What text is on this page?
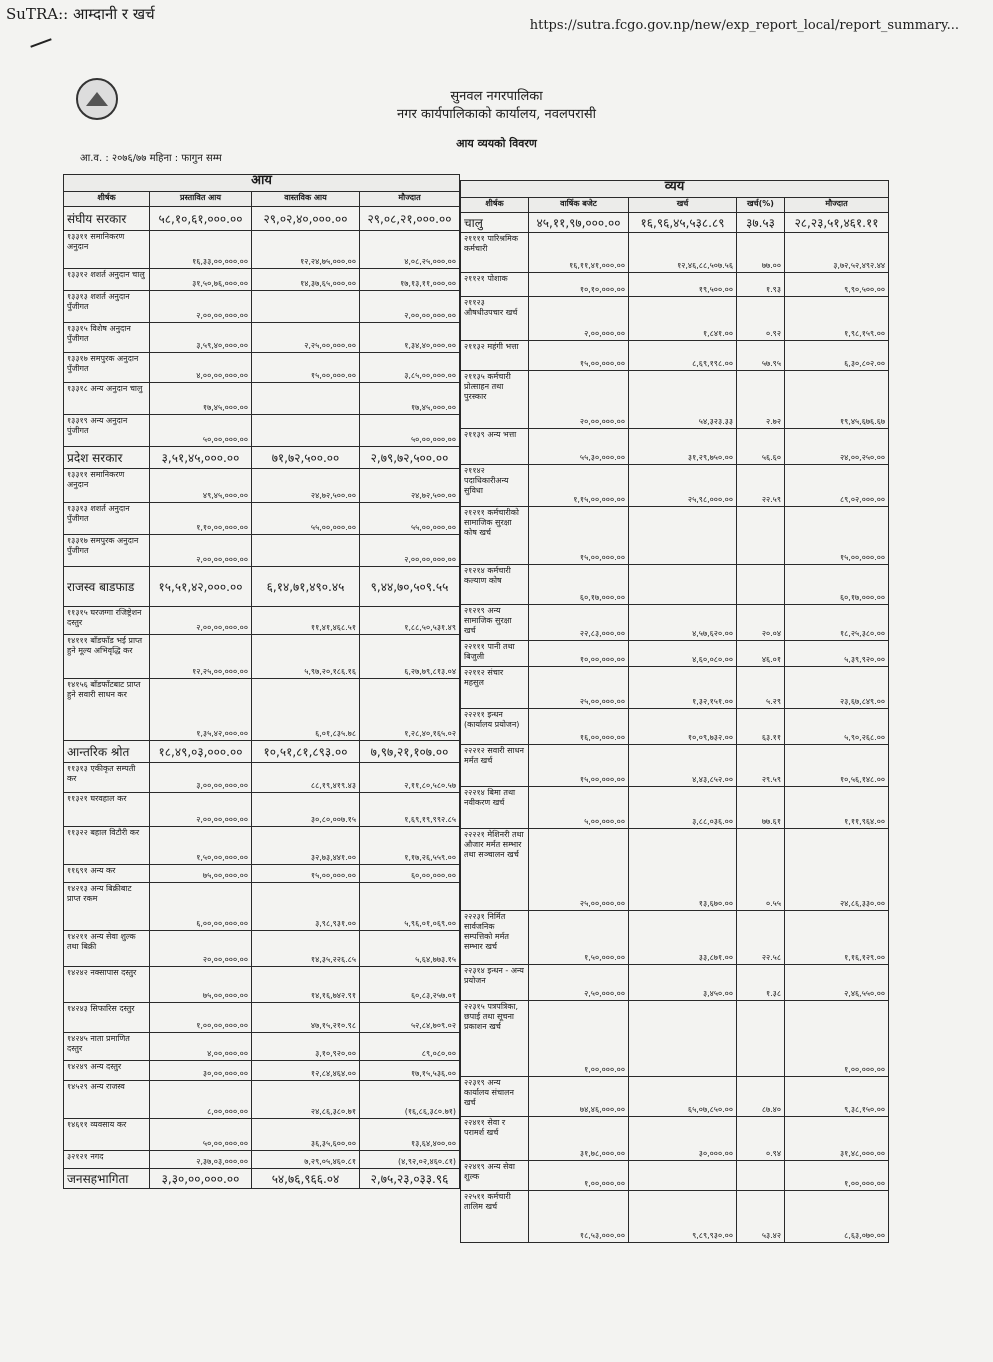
SuTRA:: आम्दानी र खर्च
https://sutra.fcgo.gov.np/new/exp_report_local/report_summary...
सुनवल नगरपालिका
नगर कार्यपालिकाको कार्यालय, नवलपरासी
आय व्ययको विवरण
आ.व. : २०७६/७७ महिना : फागुन सम्म
आय			
शीर्षक	प्रस्तावित आय	वास्तविक आय	मौज्दात
संघीय सरकार	५८,१०,६१,०००.००	२९,०२,४०,०००.००	२९,०८,२१,०००.००
१३३११ समानिकरण अनुदान	१६,३३,००,०००.००	१२,२४,७५,०००.००	४,०८,२५,०००.००
१३३१२ शशर्त अनुदान चालु	३१,५०,७६,०००.००	१४,३७,६५,०००.००	१७,१३,११,०००.००
१३३१३ शशर्त अनुदान पुँजीगत	२,००,००,०००.००		२,००,००,०००.००
१३३१५ विशेष अनुदान पुँजीगत	३,५९,४०,०००.००	२,२५,००,०००.००	१,३४,४०,०००.००
१३३१७ समपुरक अनुदान पुँजीगत	४,००,००,०००.००	१५,००,०००.००	३,८५,००,०००.००
१३३१८ अन्य अनुदान चालु	१७,४५,०००.००		१७,४५,०००.००
१३३१९ अन्य अनुदान पुंजीगत	५०,००,०००.००		५०,००,०००.००
प्रदेश सरकार	३,५१,४५,०००.००	७१,७२,५००.००	२,७९,७२,५००.००
१३३११ समानिकरण अनुदान	४९,४५,०००.००	२४,७२,५००.००	२४,७२,५००.००
१३३१३ शशर्त अनुदान पुँजीगत	१,१०,००,०००.००	५५,००,०००.००	५५,००,०००.००
१३३१७ समपुरक अनुदान पुँजीगत	२,००,००,०००.००		२,००,००,०००.००
राजस्व बाडफाड	१५,५१,४२,०००.००	६,१४,७१,४९०.४५	९,४४,७०,५०९.५५
११३१५ घरजग्गा रजिष्ट्रेशन दस्तुर	२,००,००,०००.००	११,४१,४६८.५१	१,८८,५०,५३१.४९
१४१११ बाँडफाँड भई प्राप्त हुने मूल्य अभिवृद्धि कर	१२,२५,००,०००.००	५,९७,२०,१८६.१६	६,२७,७९,८१३.०४
१४१५६ बाँडफाँटबाट प्राप्त हुने सवारी साधन कर	१,३५,४२,०००.००	६,०१,८३५.७८	१,२८,४०,१६५.०२
आन्तरिक श्रोत	१८,४९,०३,०००.००	१०,५१,८१,८९३.००	७,९७,२१,१०७.००
११३१३ एकीकृत सम्पती कर	३,००,००,०००.००	८८,१९,४१९.४३	२,११,८०,५८०.५७
११३२१ घरवहाल कर	२,००,००,०००.००	३०,८०,००७.१५	१,६९,१९,९९२.८५
११३२२ बहाल विटौरी कर	१,५०,००,०००.००	३२,७३,४४१.००	१,१७,२६,५५९.००
११६९१ अन्य कर	७५,००,०००.००	१५,००,०००.००	६०,००,०००.००
१४२१३ अन्य बिक्रीबाट प्राप्त रकम	६,००,००,०००.००	३,९८,९३१.००	५,९६,०१,०६९.००
१४२११ अन्य सेवा शुल्क तथा बिक्री	२०,००,०००.००	१४,३५,२२६.८५	५,६४,७७३.१५
१४२४२ नक्सापास दस्तुर	७५,००,०००.००	१४,१६,७४२.९१	६०,८३,२५७.०१
१४२४३ सिफारिस दस्तुर	१,००,००,०००.००	४७,१५,२१०.९८	५२,८४,७०९.०२
१४२४५ नाता प्रमाणित दस्तुर	४,००,०००.००	३,१०,९२०.००	८९,०८०.००
१४२४९ अन्य दस्तुर	३०,००,०००.००	१२,८४,४६४.००	१७,१५,५३६.००
१४५२९ अन्य राजस्व	८,००,०००.००	२४,८६,३८०.७१	(१६,८६,३८०.७१)
१४६११ व्यवसाय कर	५०,००,०००.००	३६,३५,६००.००	१३,६४,४००.००
३२१२१ नगद	२,३७,०३,०००.००	७,२९,०५,४६०.८१	(४,९२,०२,४६०.८१)
जनसहभागिता	३,३०,००,०००.००	५४,७६,९६६.०४	२,७५,२३,०३३.९६
व्यय				
शीर्षक	वार्षिक बजेट	खर्च	खर्च(%)	मौज्दात
चालु	४५,११,९७,०००.००	१६,९६,४५,५३८.८९	३७.५३	२८,२३,५१,४६१.११
२११११ पारिश्रमिक कर्मचारी	१६,११,४१,०००.००	१२,४६,८८,५०७.५६	७७.००	३,७२,५२,४९२.४४
२११२१ पोशाक	१०,१०,०००.००	१९,५००.००	१.९३	९,९०,५००.००
२११२३ औषधीउपचार खर्च	२,००,०००.००	१,८४१.००	०.९२	१,९८,१५९.००
२११३२ महंगी भत्ता	१५,००,०००.००	८,६९,१९८.००	५७.९५	६,३०,८०२.००
२११३५ कर्मचारी प्रोत्साहन तथा पुरस्कार	२०,००,०००.००	५४,३२३.३३	२.७२	१९,४५,६७६.६७
२११३९ अन्य भत्ता	५५,३०,०००.००	३१,२९,७५०.००	५६.६०	२४,००,२५०.००
२११४२ पदाधिकारीअन्य सुविधा	१,१५,००,०००.००	२५,९८,०००.००	२२.५९	८९,०२,०००.००
२१२११ कर्मचारीको सामाजिक सुरक्षा कोष खर्च	१५,००,०००.००			१५,००,०००.००
२१२१४ कर्मचारी कल्याण कोष	६०,१७,०००.००			६०,१७,०००.००
२१२१९ अन्य सामाजिक सुरक्षा खर्च	२२,८३,०००.००	४,५७,६२०.००	२०.०४	१८,२५,३८०.००
२२१११ पानी तथा बिजुली	१०,००,०००.००	४,६०,०८०.००	४६.०१	५,३९,९२०.००
२२११२ संचार महसुल	२५,००,०००.००	१,३२,१५१.००	५.२९	२३,६७,८४९.००
२२२११ इन्धन (कार्यालय प्रयोजन)	१६,००,०००.००	१०,०९,७३२.००	६३.११	५,९०,२६८.००
२२२१२ सवारी साधन मर्मत खर्च	१५,००,०००.००	४,४३,८५२.००	२९.५९	१०,५६,१४८.००
२२२१४ बिमा तथा नवीकरण खर्च	५,००,०००.००	३,८८,०३६.००	७७.६१	१,११,९६४.००
२२२२१ मेशिनरी तथा औजार मर्मत सम्भार तथा सञ्चालन खर्च	२५,००,०००.००	१३,६७०.००	०.५५	२४,८६,३३०.००
२२२३१ निर्मित सार्वजनिक सम्पत्तिको मर्मत सम्भार खर्च	१,५०,०००.००	३३,८७१.००	२२.५८	१,१६,१२९.००
२२३१४ इन्धन - अन्य प्रयोजन	२,५०,०००.००	३,४५०.००	१.३८	२,४६,५५०.००
२२३१५ पत्रपत्रिका, छपाई तथा सूचना प्रकाशन खर्च	१,००,०००.००			१,००,०००.००
२२३१९ अन्य कार्यालय संचालन खर्च	७४,४६,०००.००	६५,०७,८५०.००	८७.४०	९,३८,१५०.००
२२४११ सेवा र परामर्श खर्च	३१,७८,०००.००	३०,०००.००	०.९४	३१,४८,०००.००
२२४१९ अन्य सेवा शुल्क	१,००,०००.००			१,००,०००.००
२२५११ कर्मचारी तालिम खर्च	१८,५३,०००.००	९,८९,९३०.००	५३.४२	८,६३,०७०.००
